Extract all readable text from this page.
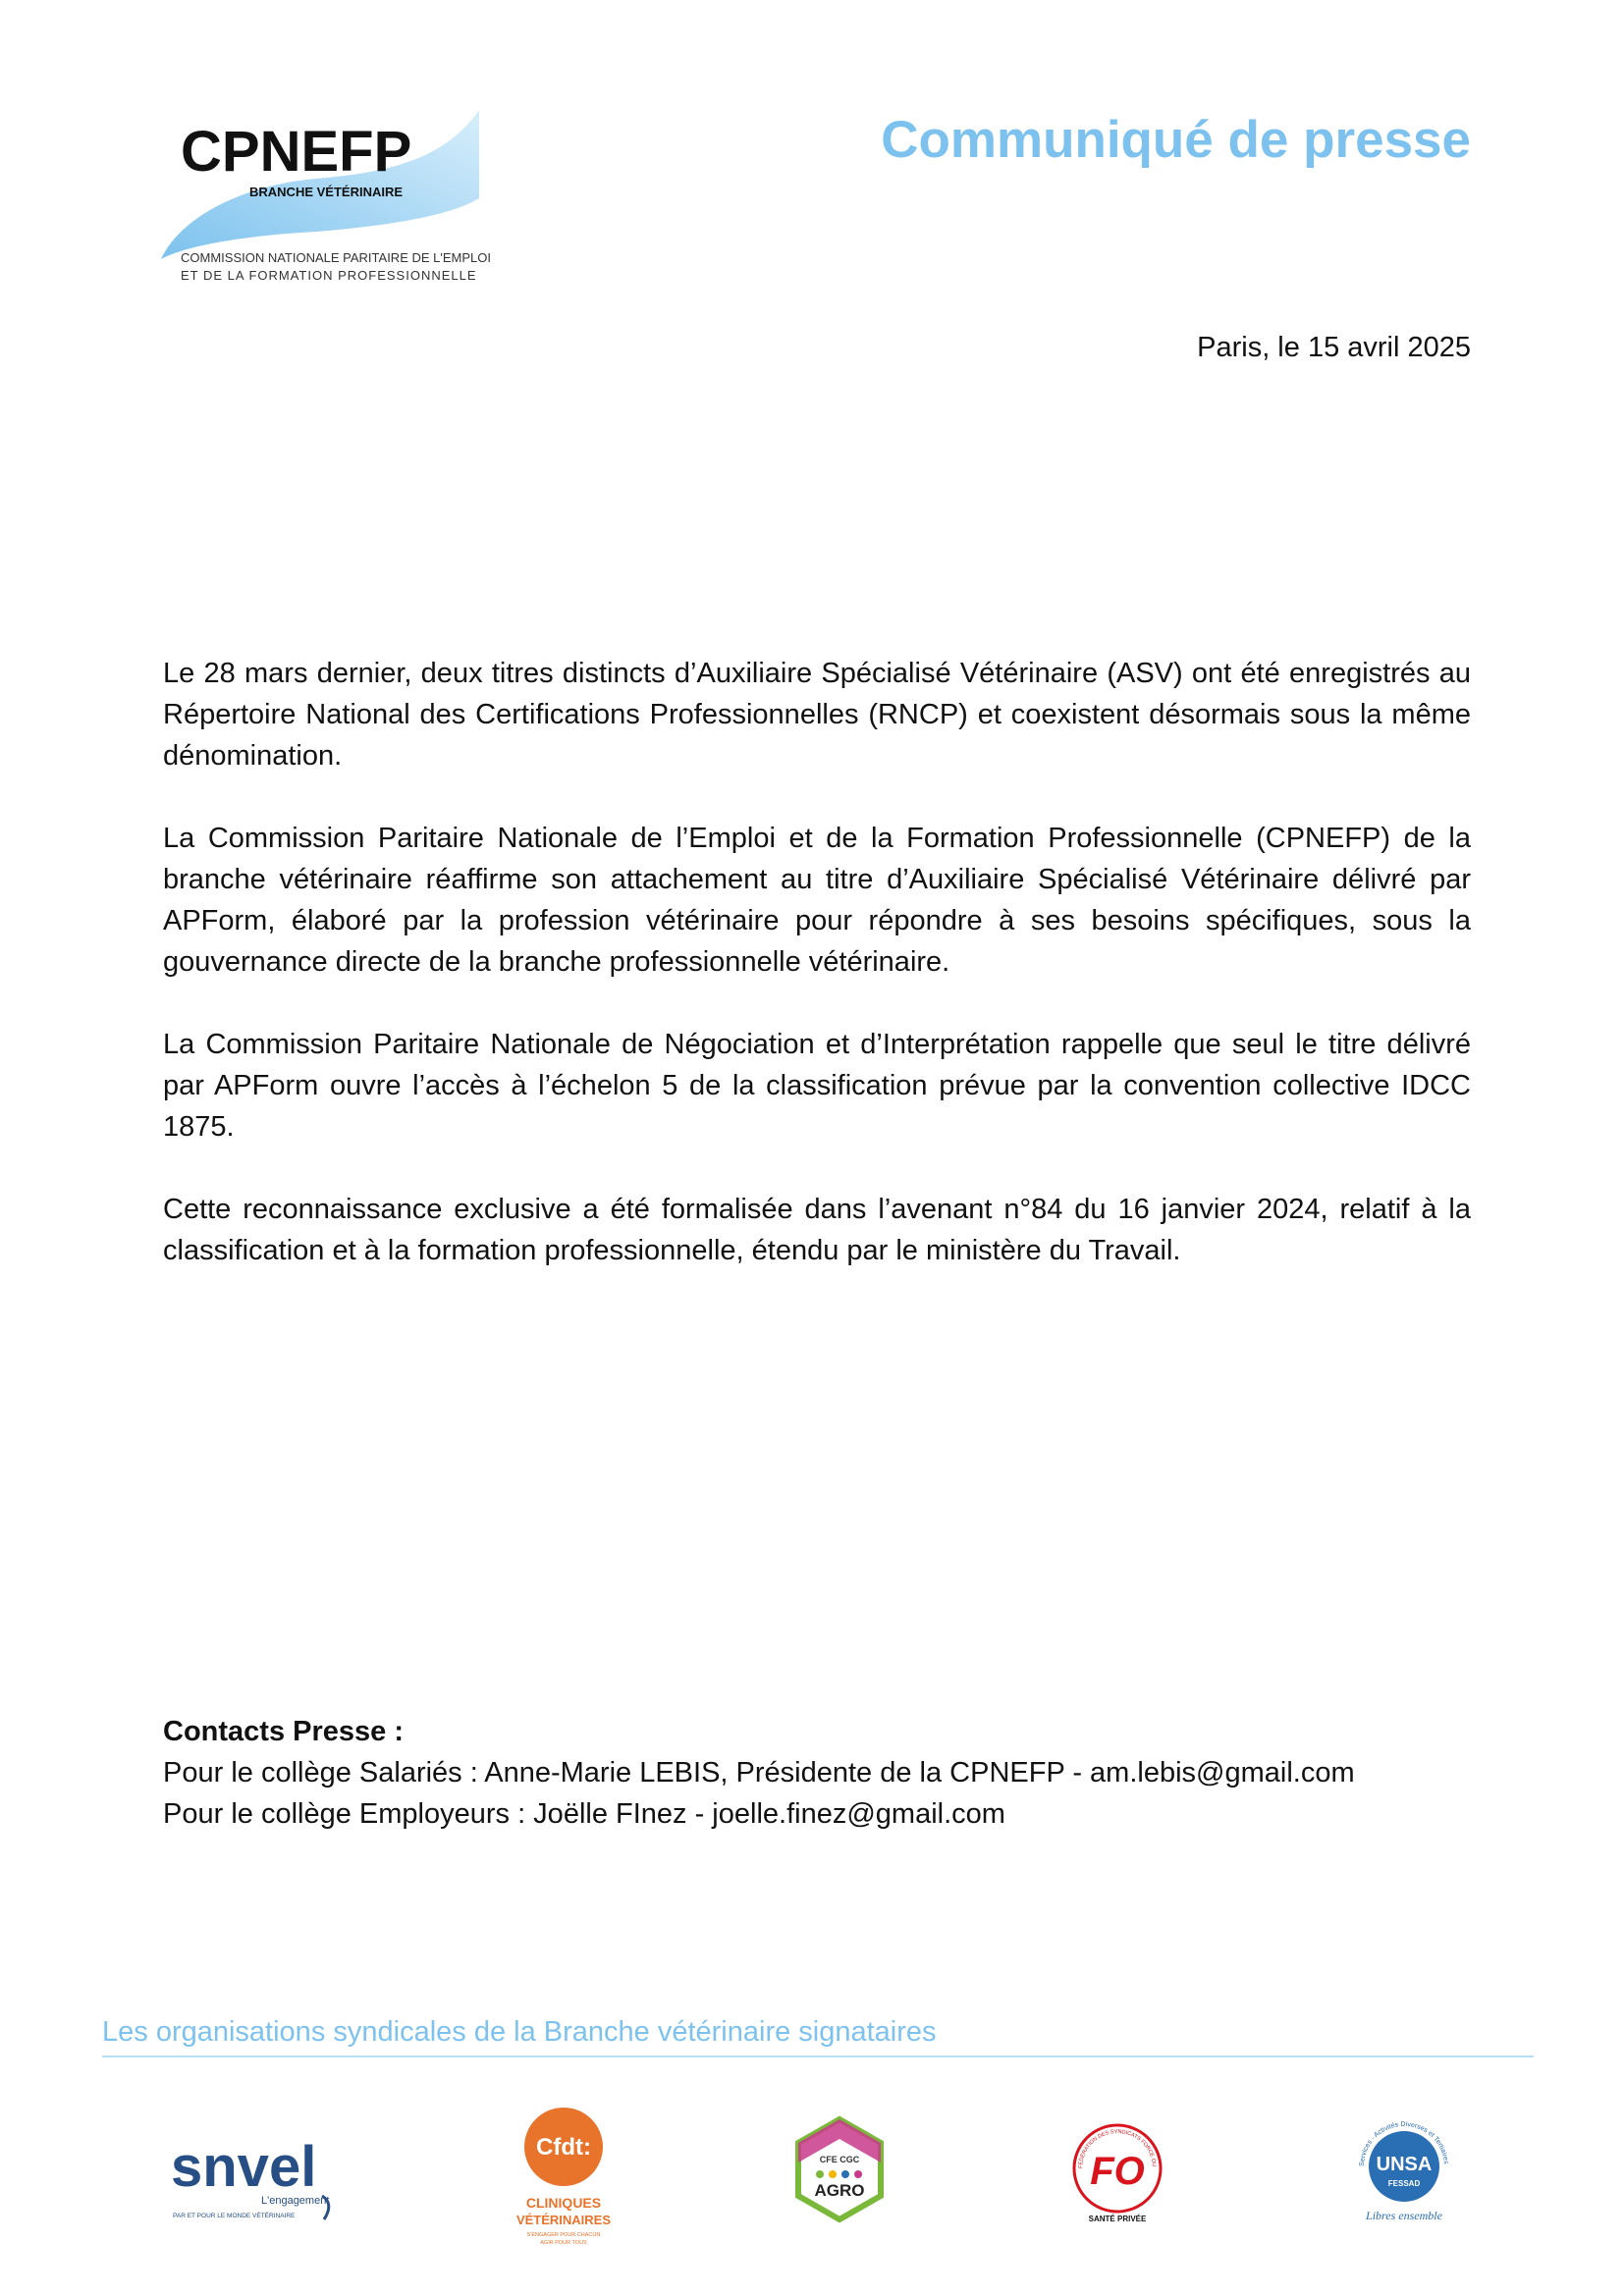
CPNEFP
BRANCHE VÉTÉRINAIRE
COMMISSION NATIONALE PARITAIRE DE L'EMPLOI
ET DE LA FORMATION PROFESSIONNELLE
Communiqué de presse
Paris, le 15 avril 2025

Le 28 mars dernier, deux titres distincts d’Auxiliaire Spécialisé Vétérinaire (ASV) ont été enregistrés au Répertoire National des Certifications Professionnelles (RNCP) et coexistent désormais sous la même dénomination.

La Commission Paritaire Nationale de l’Emploi et de la Formation Professionnelle (CPNEFP) de la branche vétérinaire réaffirme son attachement au titre d’Auxiliaire Spécialisé Vétérinaire délivré par APForm, élaboré par la profession vétérinaire pour répondre à ses besoins spécifiques, sous la gouvernance directe de la branche professionnelle vétérinaire.

La Commission Paritaire Nationale de Négociation et d’Interprétation rappelle que seul le titre délivré par APForm ouvre l’accès à l’échelon 5 de la classification prévue par la convention collective IDCC 1875.

Cette reconnaissance exclusive a été formalisée dans l’avenant n°84 du 16 janvier 2024, relatif à la classification et à la formation professionnelle, étendu par le ministère du Travail.

Contacts Presse :
Pour le collège Salariés : Anne-Marie LEBIS, Présidente de la CPNEFP - am.lebis@gmail.com
Pour le collège Employeurs : Joëlle FInez - joelle.finez@gmail.com
Les organisations syndicales de la Branche vétérinaire signataires
snvel
L'engagement
PAR ET POUR LE MONDE VÉTÉRINAIRE
Cfdt:
CLINIQUES
VÉTÉRINAIRES
S'ENGAGER POUR CHACUN
AGIR POUR TOUS
CFE CGC
AGRO
FÉDÉRATION DES SYNDICATS FORCE OU
FO
SANTÉ PRIVÉE
Services · Activités Diverses et Tertiaires
UNSA
FESSAD
Libres ensemble
